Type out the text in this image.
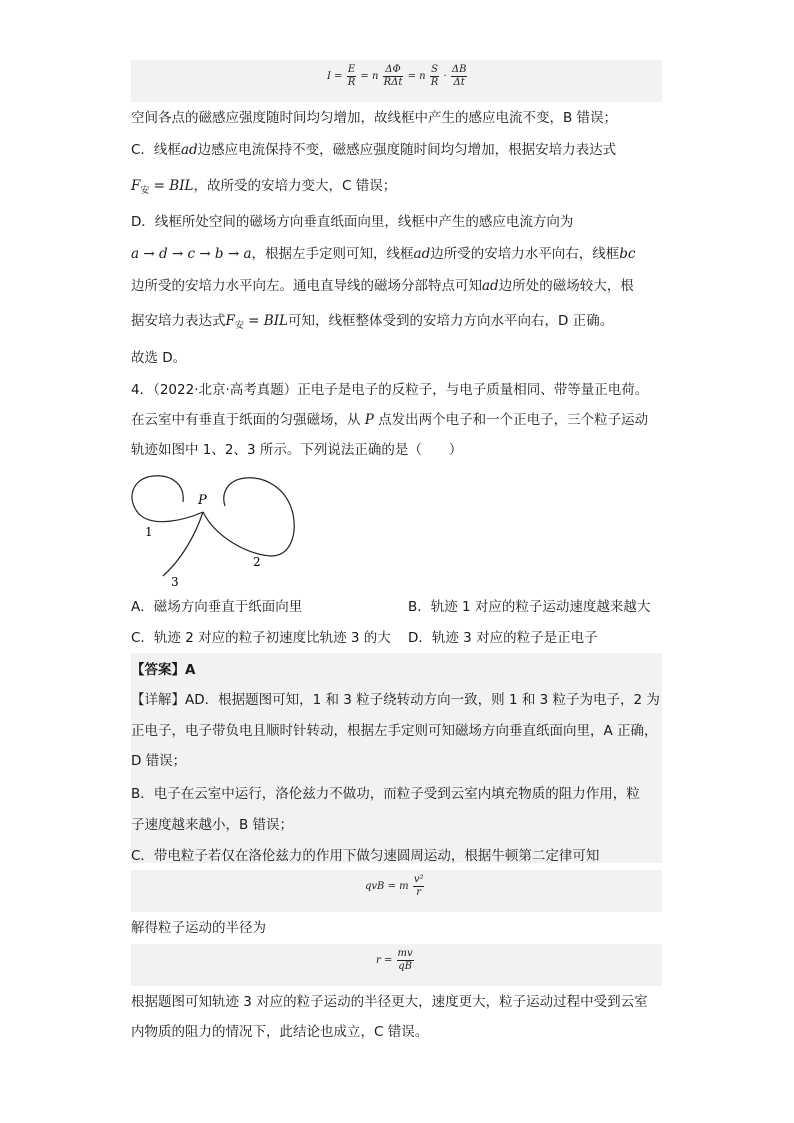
$I = \frac{E}{R} = n \frac{\Delta\Phi}{\text{RΔt}} = n \frac{S}{R} \cdot \frac{\Delta B}{\Delta t}$
空间各点的磁感应强度随时间均匀增加，故线框中产生的感应电流不变，B 错误；
C．线框ad边感应电流保持不变，磁感应强度随时间均匀增加，根据安培力表达式
$F_安$ = BIL，故所受的安培力变大，C 错误；
D．线框所处空间的磁场方向垂直纸面向里，线框中产生的感应电流方向为
a → d → c → b → a，根据左手定则可知，线框ad边所受的安培力水平向右，线框bc
边所受的安培力水平向左。通电直导线的磁场分部特点可知ad边所处的磁场较大，根
据安培力表达式$F_安$ = BIL可知，线框整体受到的安培力方向水平向右，D 正确。
故选 D。
4．（2022·北京·高考真题）正电子是电子的反粒子，与电子质量相同、带等量正电荷。
在云室中有垂直于纸面的匀强磁场，从 P 点发出两个电子和一个正电子，三个粒子运动
轨迹如图中 1、2、3 所示。下列说法正确的是（　　）
P
1
2
3
A．磁场方向垂直于纸面向里	B．轨迹 1 对应的粒子运动速度越来越大
C．轨迹 2 对应的粒子初速度比轨迹 3 的大 D．轨迹 3 对应的粒子是正电子
【答案】A
【详解】AD．根据题图可知，1 和 3 粒子绕转动方向一致，则 1 和 3 粒子为电子，2 为
正电子，电子带负电且顺时针转动，根据左手定则可知磁场方向垂直纸面向里，A 正确，
D 错误；
B．电子在云室中运行，洛伦兹力不做功，而粒子受到云室内填充物质的阻力作用，粒
子速度越来越小，B 错误；
C．带电粒子若仅在洛伦兹力的作用下做匀速圆周运动，根据牛顿第二定律可知
qvB = m $\frac{\text{v²}}{r}$
解得粒子运动的半径为
$r = \frac{mv}{qB}$
根据题图可知轨迹 3 对应的粒子运动的半径更大，速度更大，粒子运动过程中受到云室
内物质的阻力的情况下，此结论也成立，C 错误。
